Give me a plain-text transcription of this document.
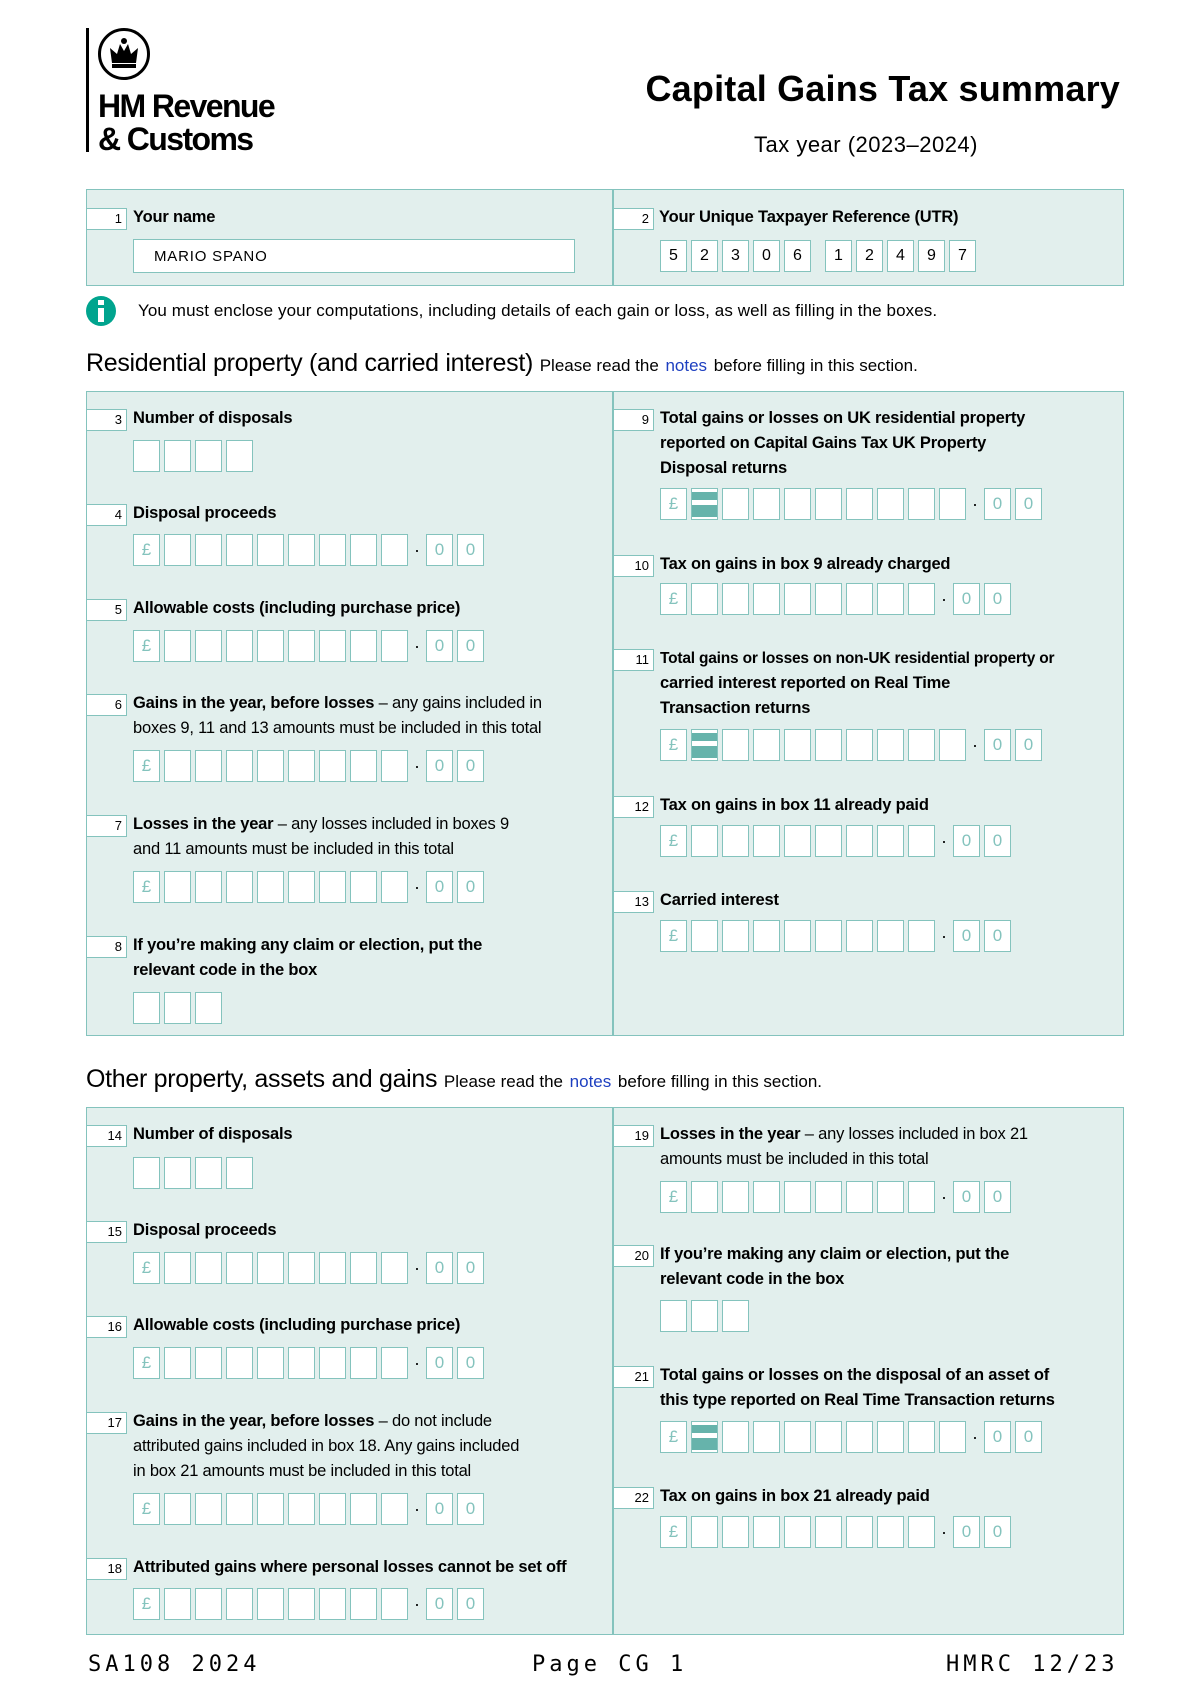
HM Revenue
& Customs
Capital Gains Tax summary
Tax year (2023–2024)
1 Your name
MARIO SPANO
2 Your Unique Taxpayer Reference (UTR)
5	2	3	0	6	1	2	4	9	7
You must enclose your computations, including details of each gain or loss, as well as filling in the boxes.
Residential property (and carried interest) Please read the notes before filling in this section.
3 Number of disposals
4 Disposal proceeds
£	· 0	0
5 Allowable costs (including purchase price)
£	· 0	0
6 Gains in the year, before losses – any gains included in
boxes 9, 11 and 13 amounts must be included in this total
£	· 0	0
7 Losses in the year – any losses included in boxes 9
and 11 amounts must be included in this total
£	· 0	0
8 If you’re making any claim or election, put the
relevant code in the box
9 Total gains or losses on UK residential property
reported on Capital Gains Tax UK Property
Disposal returns
£	· 0	0
10 Tax on gains in box 9 already charged
£	· 0	0
11 Total gains or losses on non-UK residential property or
carried interest reported on Real Time
Transaction returns
£	· 0	0
12 Tax on gains in box 11 already paid
£	· 0	0
13 Carried interest
£	· 0	0
Other property, assets and gains Please read the notes before filling in this section.
14 Number of disposals
15 Disposal proceeds
£	· 0	0
16 Allowable costs (including purchase price)
£	· 0	0
17 Gains in the year, before losses – do not include
attributed gains included in box 18. Any gains included
in box 21 amounts must be included in this total
£	· 0	0
18 Attributed gains where personal losses cannot be set off
£	· 0	0
19 Losses in the year – any losses included in box 21
amounts must be included in this total
£	· 0	0
20 If you’re making any claim or election, put the
relevant code in the box
21 Total gains or losses on the disposal of an asset of
this type reported on Real Time Transaction returns
£	· 0	0
22 Tax on gains in box 21 already paid
£	· 0	0
SA108 2024	Page CG 1	HMRC 12/23
